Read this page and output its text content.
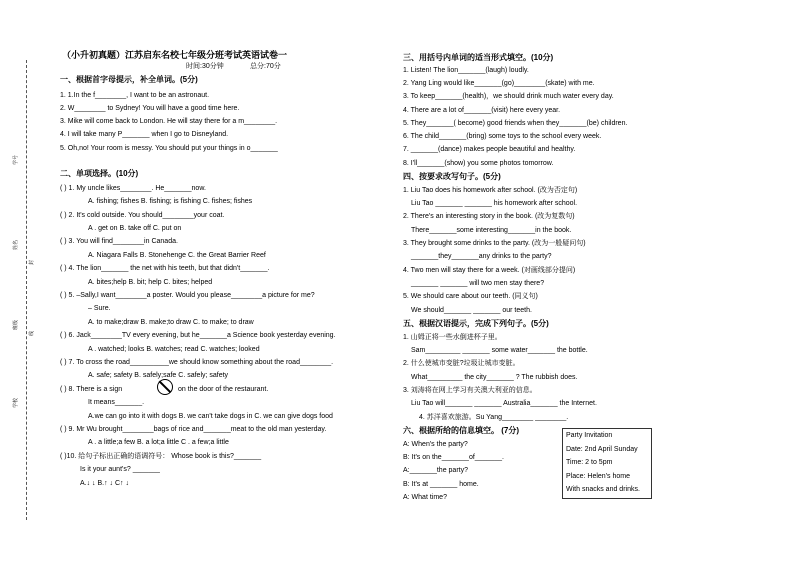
学号
姓名
封
班级
线
学校
（小升初真题）江苏启东名校七年级分班考试英语试卷一
时间:30分钟	总分:70分
一、根据首字母提示，补全单词。(5分)
1. 1.In the f________, I want to be an astronaut.
2. W________ to Sydney! You will have a good time here.
3. Mike will come back to London. He will stay there for a m________.
4. I will take many P_______ when I go to Disneyland.
5. Oh,no! Your room is messy. You should put your things in o_______
二、单项选择。(10分)
( ) 1. My uncle likes________. He_______now.
A. fishing; fishes B. fishing; is fishing C. fishes; fishes
( ) 2. It's cold outside. You should________your coat.
A . get on B. take off C. put on
( ) 3. You will find________in Canada.
A. Niagara Falls B. Stonehenge C. the Great Barrier Reef
( ) 4. The lion_______ the net with his teeth, but that didn't_______.
A. bites;help B. bit; help C. bites; helped
( ) 5. –Sally,I want________a poster. Would you please________a picture for me?
– Sure.
A. to make;draw B. make;to draw C. to make; to draw
( ) 6. Jack________TV every evening, but he_______a Science book yesterday evening.
A . watched; looks B. watches; read C. watches; looked
( ) 7. To cross the road__________we should know something about the road________.
A. safe; safety B. safely;safe C. safely; safety
( ) 8. There is a sign	on the door of the restaurant.
It means_______.
A.we can go into it with dogs B. we can't take dogs in C. we can give dogs food
( ) 9. Mr Wu brought________bags of rice and_______meat to the old man yesterday.
A . a little;a few B. a lot;a little C . a few;a little
( )10. 给句子标出正确的语调符号： Whose book is this?_______
Is it your aunt's? _______
A.↓ ↓ B.↑ ↓ C↑ ↓
三、用括号内单词的适当形式填空。(10分)
1. Listen! The lion_______(laugh) loudly.
2. Yang Ling would like_______(go)________(skate) with me.
3. To keep_______(health)，we should drink much water every day.
4. There are a lot of_______(visit) here every year.
5. They_______( become) good friends when they_______(be) children.
6. The child_______(bring) some toys to the school every week.
7. _______(dance) makes people beautiful and healthy.
8. I'll_______(show) you some photos tomorrow.
四、按要求改写句子。(5分)
1. Liu Tao does his homework after school. (改为否定句)
Liu Tao _______ _______ his homework after school.
2. There's an interesting story in the book. (改为复数句)
There_______some interesting_______in the book.
3. They brought some drinks to the party. (改为一般疑问句)
_______they_______any drinks to the party?
4. Two men will stay there for a week. (对画线部分提问)
_______ _______ will two men stay there?
5. We should care about our teeth. (同义句)
We should_______ _______ our teeth.
五、根据汉语提示，完成下列句子。(5分)
1. 山姆正将一些水倒进杯子里。
Sam_________ _______ some water_______ the bottle.
2. 什么使城市变脏?垃圾让城市变脏。
What_________ the city_______ ? The rubbish does.
3. 刘涛将在网上学习有关澳大利亚的信息。
Liu Tao will_______ _______ Australia_______ the Internet.
4. 苏洋喜欢旅游。Su Yang________ ________.
六、根据所给的信息填空。 (7分)
A: When's the party?
B: It's on the_______of_______.
A:_______the party?
B: It's at _______ home.
A: What time?
Party Invitation
Date: 2nd April Sunday
Time: 2 to 5pm
Place: Helen's home
With snacks and drinks.
